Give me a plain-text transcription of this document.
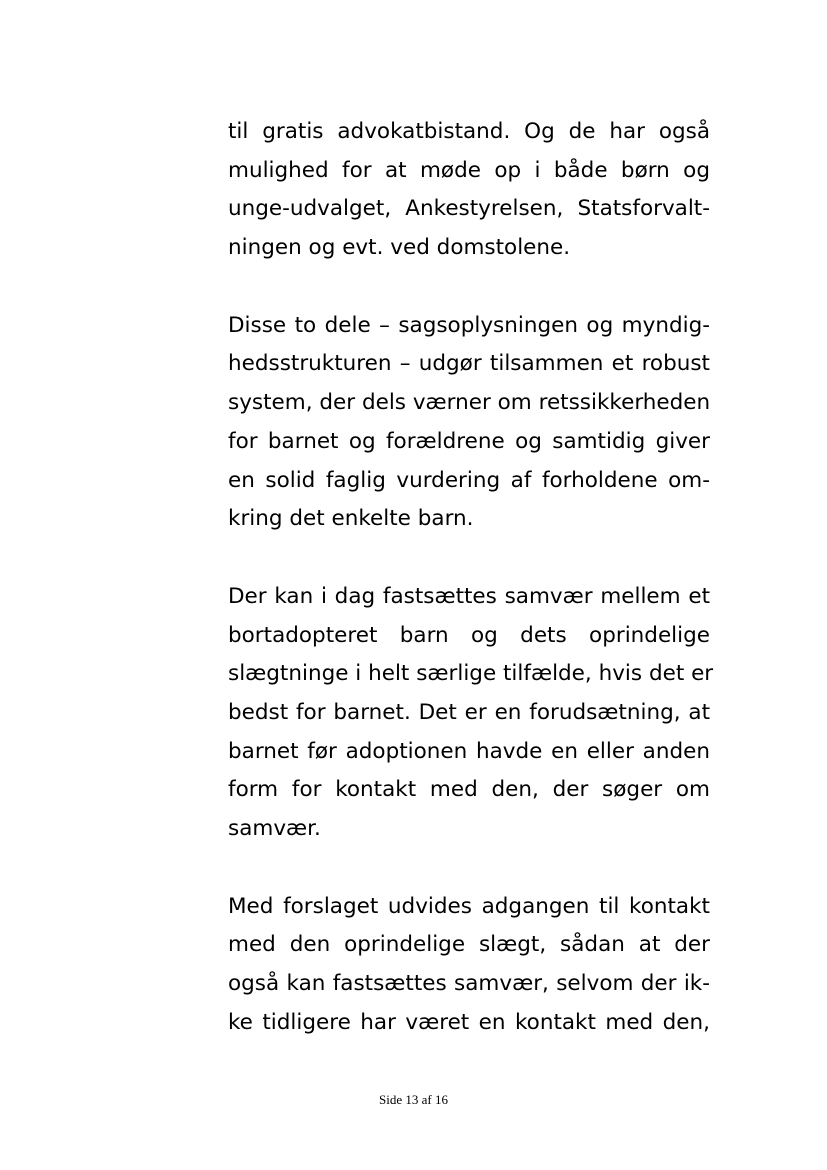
til gratis advokatbistand. Og de har også
mulighed for at møde op i både børn og
unge-udvalget, Ankestyrelsen, Statsforvalt-
ningen og evt. ved domstolene.
Disse to dele – sagsoplysningen og myndig-
hedsstrukturen – udgør tilsammen et robust
system, der dels værner om retssikkerheden
for barnet og forældrene og samtidig giver
en solid faglig vurdering af forholdene om-
kring det enkelte barn.
Der kan i dag fastsættes samvær mellem et
bortadopteret barn og dets oprindelige
slægtninge i helt særlige tilfælde, hvis det er
bedst for barnet. Det er en forudsætning, at
barnet før adoptionen havde en eller anden
form for kontakt med den, der søger om
samvær.
Med forslaget udvides adgangen til kontakt
med den oprindelige slægt, sådan at der
også kan fastsættes samvær, selvom der ik-
ke tidligere har været en kontakt med den,
Side 13 af 16
